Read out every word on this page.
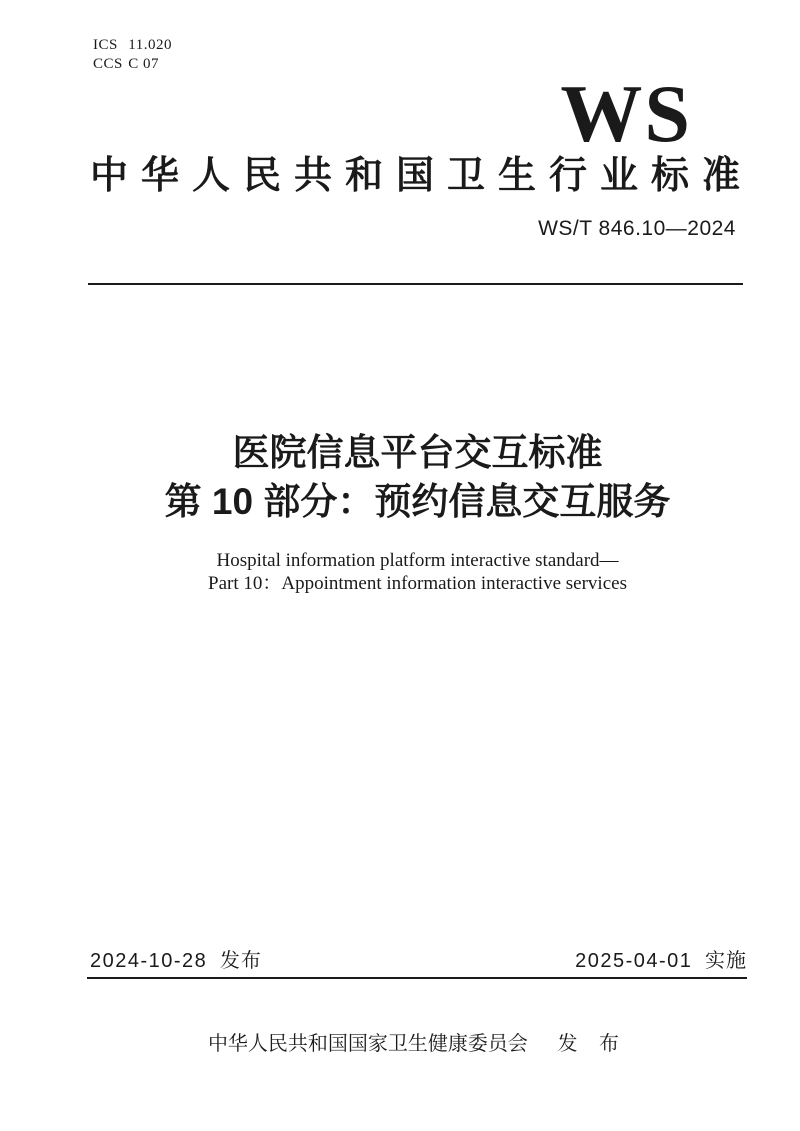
ICS 11.020
CCS C 07
WS
中华人民共和国卫生行业标准
WS/T 846.10—2024
医院信息平台交互标准
第 10 部分：预约信息交互服务
Hospital information platform interactive standard—
Part 10：Appointment information interactive services
2024-10-28 发布	2025-04-01 实施
中华人民共和国国家卫生健康委员会 发 布
